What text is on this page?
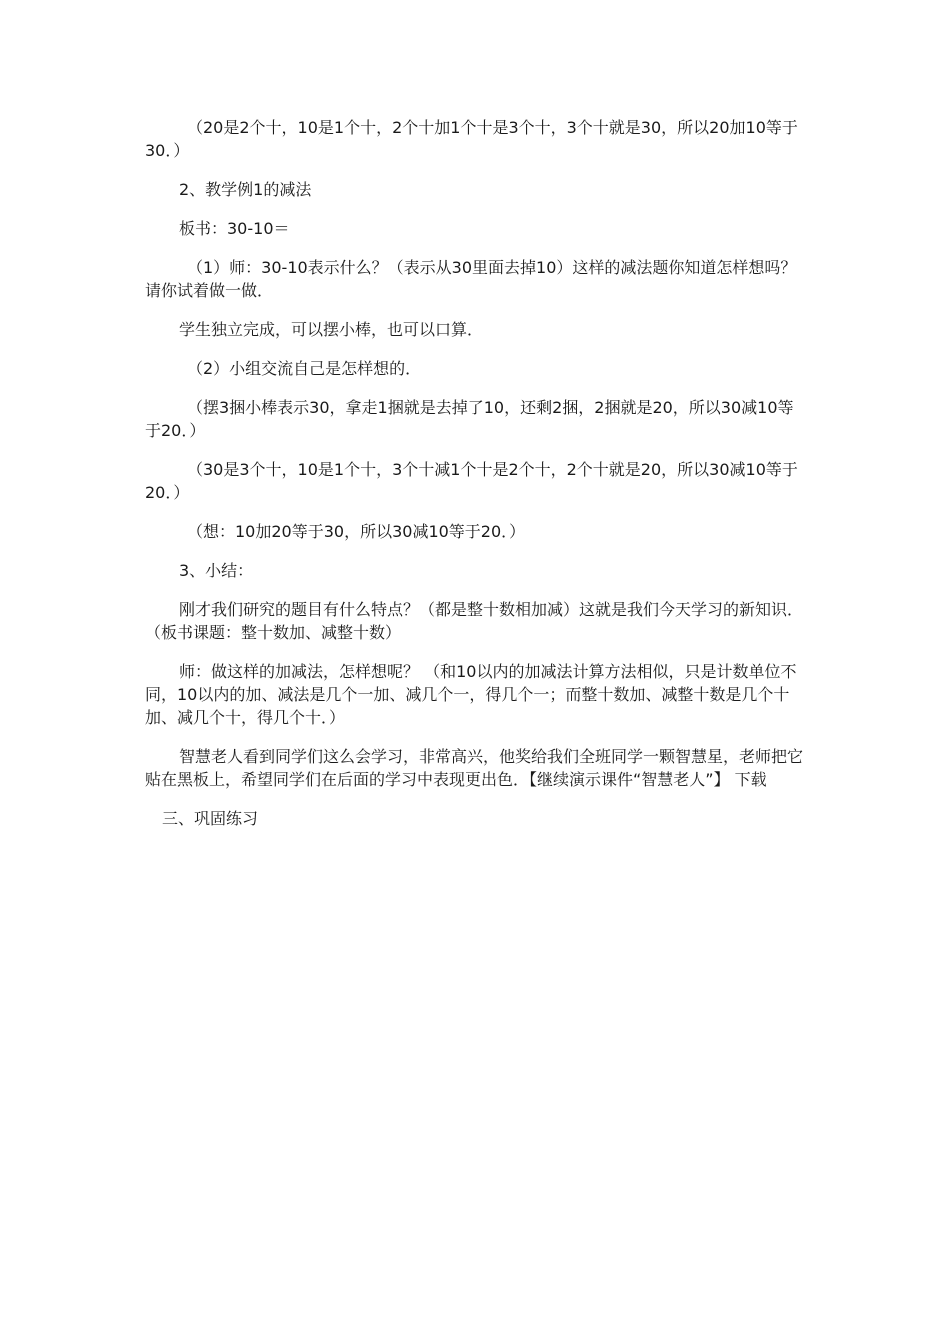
（20是2个十，10是1个十，2个十加1个十是3个十，3个十就是30，所以20加10等于30．）

2、教学例1的减法

板书：30-10＝

（1）师：30-10表示什么？（表示从30里面去掉10）这样的减法题你知道怎样想吗？请你试着做一做．

学生独立完成，可以摆小棒，也可以口算．

（2）小组交流自己是怎样想的．

（摆3捆小棒表示30，拿走1捆就是去掉了10，还剩2捆，2捆就是20，所以30减10等于20．）

（30是3个十，10是1个十，3个十减1个十是2个十，2个十就是20，所以30减10等于20．）

（想：10加20等于30，所以30减10等于20．）

3、小结：

刚才我们研究的题目有什么特点？（都是整十数相加减）这就是我们今天学习的新知识．（板书课题：整十数加、减整十数）

师：做这样的加减法，怎样想呢？ （和10以内的加减法计算方法相似，只是计数单位不同，10以内的加、减法是几个一加、减几个一，得几个一；而整十数加、减整十数是几个十加、减几个十，得几个十．）

智慧老人看到同学们这么会学习，非常高兴，他奖给我们全班同学一颗智慧星，老师把它贴在黑板上，希望同学们在后面的学习中表现更出色．【继续演示课件“智慧老人”】 下载

三、巩固练习
